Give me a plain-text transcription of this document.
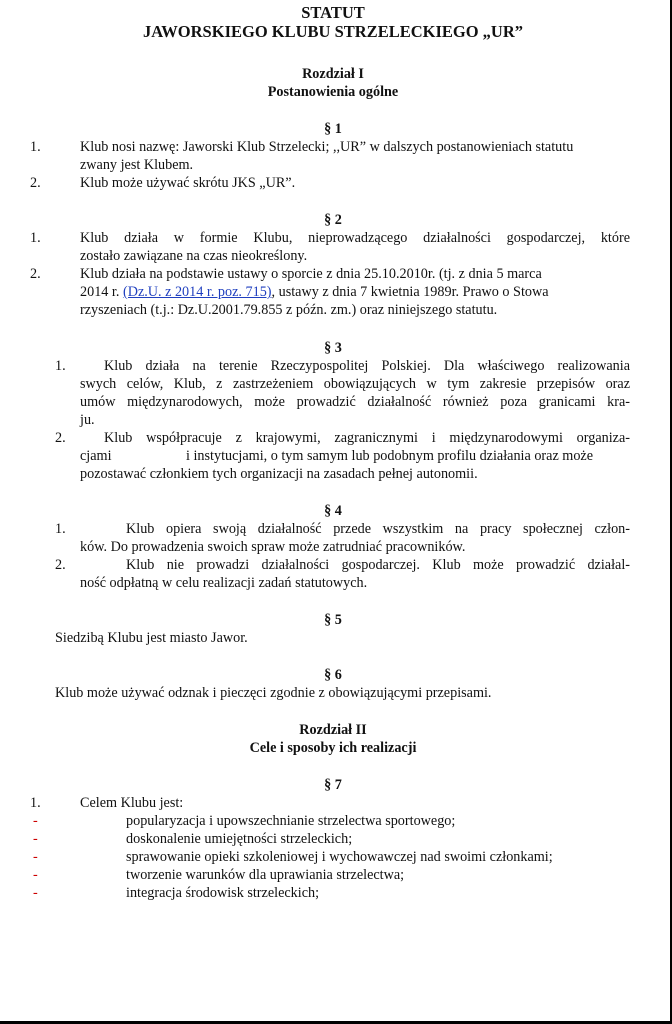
STATUT
JAWORSKIEGO KLUBU STRZELECKIEGO „UR”
Rozdział I
Postanowienia ogólne
§ 1
1.	Klub nosi nazwę: Jaworski Klub Strzelecki; ,,UR” w dalszych postanowieniach statutu
zwany jest Klubem.
2.	Klub może używać skrótu JKS „UR”.
§ 2
1.	Klub działa w formie Klubu, nieprowadzącego działalności gospodarczej, które
zostało zawiązane na czas nieokreślony.
2.	Klub działa na podstawie ustawy o sporcie z dnia 25.10.2010r. (tj. z dnia 5 marca
2014 r. (Dz.U. z 2014 r. poz. 715), ustawy z dnia 7 kwietnia 1989r. Prawo o Stowa
rzyszeniach (t.j.: Dz.U.2001.79.855 z późn. zm.) oraz niniejszego statutu.
§ 3
1.	Klub działa na terenie Rzeczypospolitej Polskiej. Dla właściwego realizowania
swych celów, Klub, z zastrzeżeniem obowiązujących w tym zakresie przepisów oraz
umów międzynarodowych, może prowadzić działalność również poza granicami kra-
ju.
2.	Klub współpracuje z krajowymi, zagranicznymi i międzynarodowymi organiza-
cjami	i instytucjami, o tym samym lub podobnym profilu działania oraz może
pozostawać członkiem tych organizacji na zasadach pełnej autonomii.
§ 4
1.	Klub opiera swoją działalność przede wszystkim na pracy społecznej człon-
ków. Do prowadzenia swoich spraw może zatrudniać pracowników.
2.	Klub nie prowadzi działalności gospodarczej. Klub może prowadzić działal-
ność odpłatną w celu realizacji zadań statutowych.
§ 5
Siedzibą Klubu jest miasto Jawor.
§ 6
Klub może używać odznak i pieczęci zgodnie z obowiązującymi przepisami.
Rozdział II
Cele i sposoby ich realizacji
§ 7
1.	Celem Klubu jest:
-	popularyzacja i upowszechnianie strzelectwa sportowego;
-	doskonalenie umiejętności strzeleckich;
-	sprawowanie opieki szkoleniowej i wychowawczej nad swoimi członkami;
-	tworzenie warunków dla uprawiania strzelectwa;
-	integracja środowisk strzeleckich;
